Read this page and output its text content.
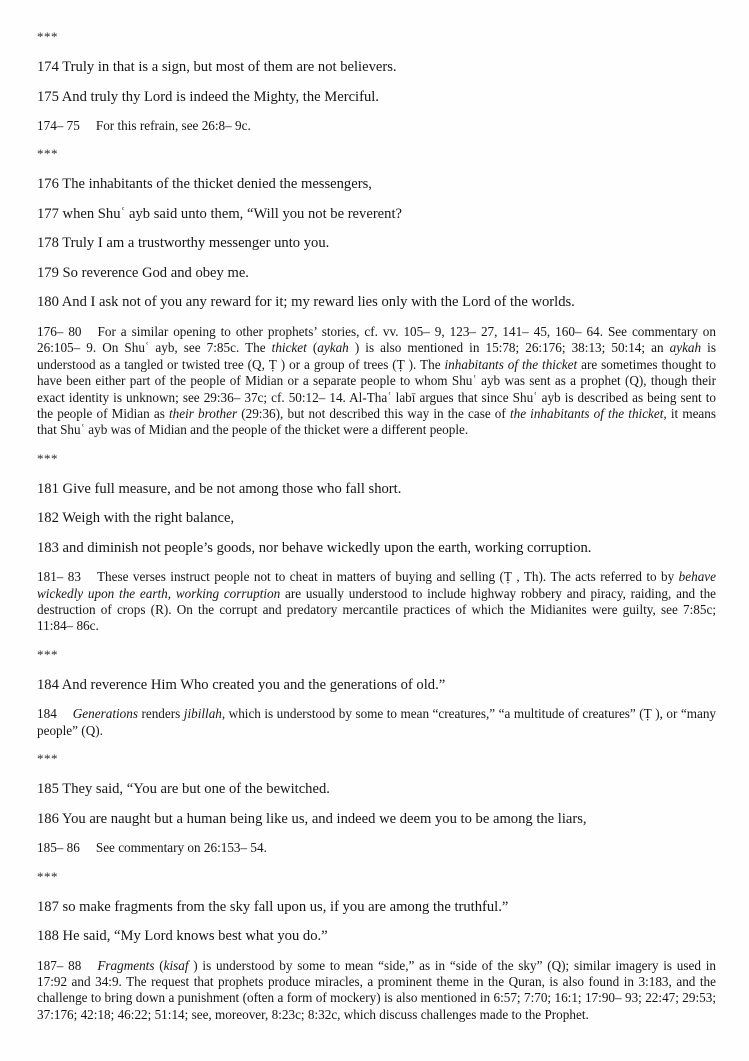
***

174 Truly in that is a sign, but most of them are not believers.

175 And truly thy Lord is indeed the Mighty, the Merciful.

174– 75 For this refrain, see 26:8– 9c.

***

176 The inhabitants of the thicket denied the messengers,

177 when Shuʿ ayb said unto them, “Will you not be reverent?

178 Truly I am a trustworthy messenger unto you.

179 So reverence God and obey me.

180 And I ask not of you any reward for it; my reward lies only with the Lord of the worlds.

176– 80 For a similar opening to other prophets’ stories, cf. vv. 105– 9, 123– 27, 141– 45, 160– 64. See commentary on 26:105– 9. On Shuʿ ayb, see 7:85c. The thicket (aykah ) is also mentioned in 15:78; 26:176; 38:13; 50:14; an aykah is understood as a tangled or twisted tree (Q, Ṭ ) or a group of trees (Ṭ ). The inhabitants of the thicket are sometimes thought to have been either part of the people of Midian or a separate people to whom Shuʿ ayb was sent as a prophet (Q), though their exact identity is unknown; see 29:36– 37c; cf. 50:12– 14. Al-Thaʿ labī argues that since Shuʿ ayb is described as being sent to the people of Midian as their brother (29:36), but not described this way in the case of the inhabitants of the thicket, it means that Shuʿ ayb was of Midian and the people of the thicket were a different people.

***

181 Give full measure, and be not among those who fall short.

182 Weigh with the right balance,

183 and diminish not people’s goods, nor behave wickedly upon the earth, working corruption.

181– 83 These verses instruct people not to cheat in matters of buying and selling (Ṭ , Th). The acts referred to by behave wickedly upon the earth, working corruption are usually understood to include highway robbery and piracy, raiding, and the destruction of crops (R). On the corrupt and predatory mercantile practices of which the Midianites were guilty, see 7:85c; 11:84– 86c.

***

184 And reverence Him Who created you and the generations of old.”

184 Generations renders jibillah, which is understood by some to mean “creatures,” “a multitude of creatures” (Ṭ ), or “many people” (Q).

***

185 They said, “You are but one of the bewitched.

186 You are naught but a human being like us, and indeed we deem you to be among the liars,

185– 86 See commentary on 26:153– 54.

***

187 so make fragments from the sky fall upon us, if you are among the truthful.”

188 He said, “My Lord knows best what you do.”

187– 88 Fragments (kisaf ) is understood by some to mean “side,” as in “side of the sky” (Q); similar imagery is used in 17:92 and 34:9. The request that prophets produce miracles, a prominent theme in the Quran, is also found in 3:183, and the challenge to bring down a punishment (often a form of mockery) is also mentioned in 6:57; 7:70; 16:1; 17:90– 93; 22:47; 29:53; 37:176; 42:18; 46:22; 51:14; see, moreover, 8:23c; 8:32c, which discuss challenges made to the Prophet.
